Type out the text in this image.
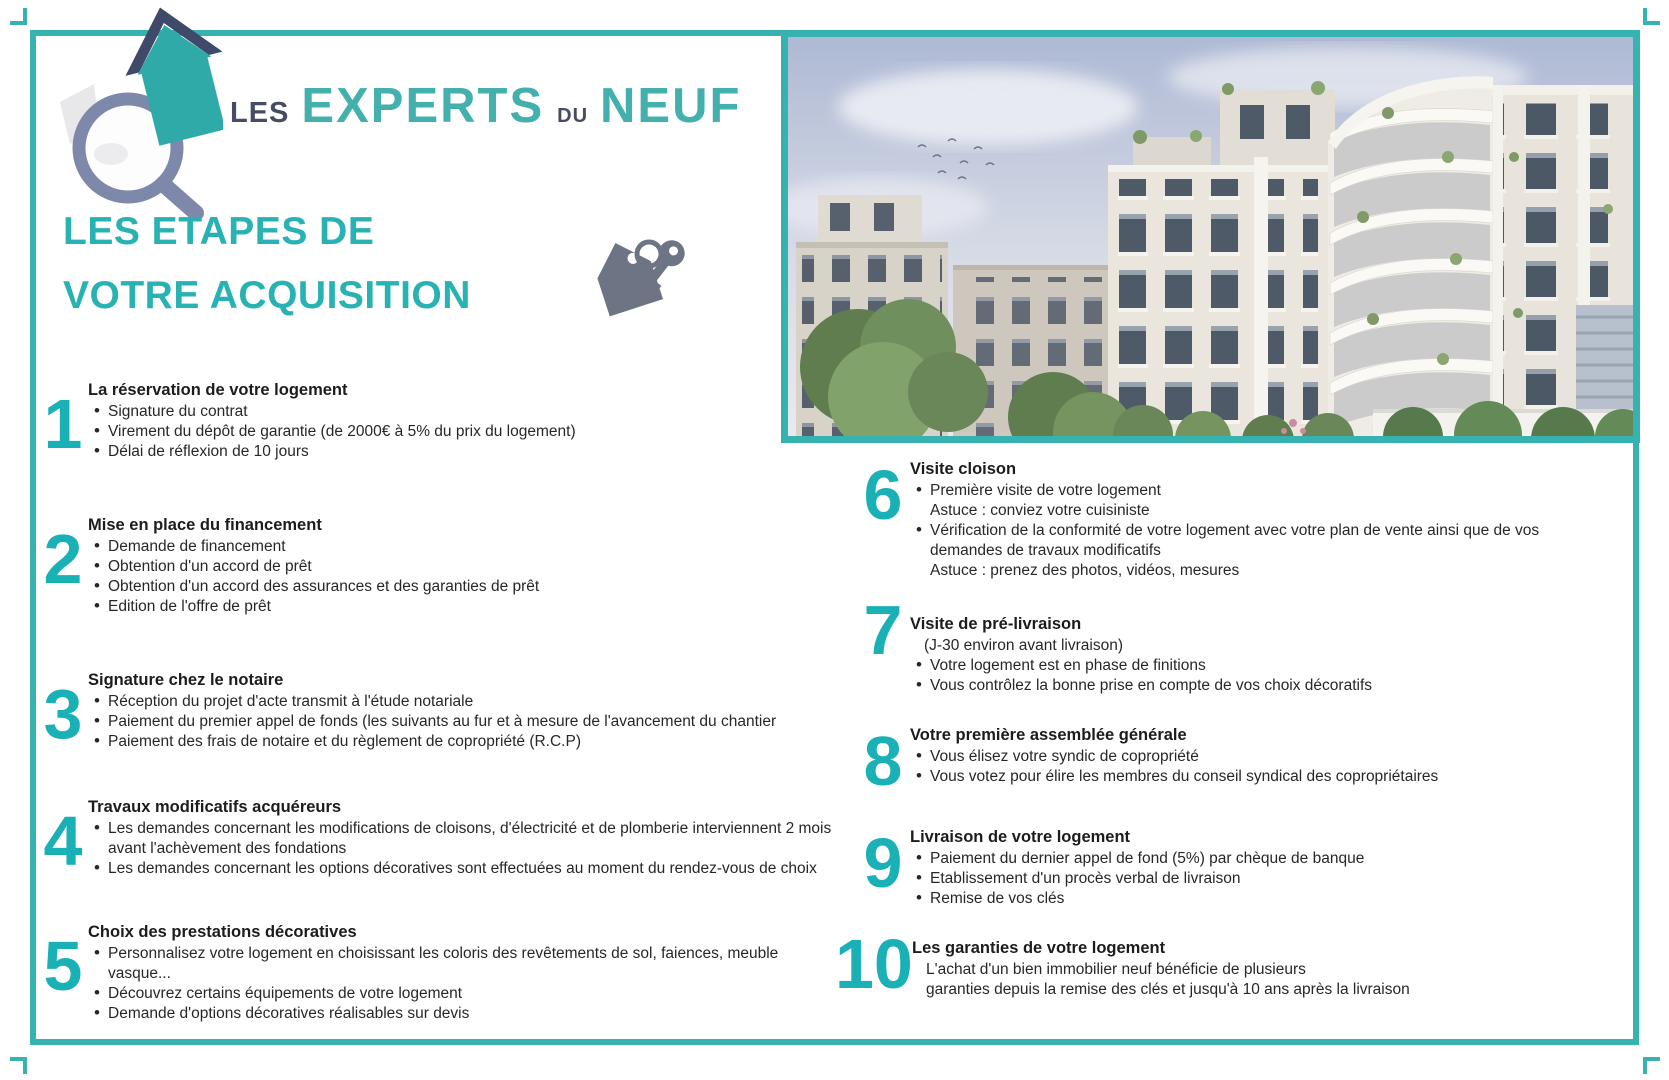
LES EXPERTS DU NEUF
LES ETAPES DE
VOTRE ACQUISITION
1 La réservation de votre logement
• Signature du contrat
• Virement du dépôt de garantie (de 2000€ à 5% du prix du logement)
• Délai de réflexion de 10 jours
2 Mise en place du financement
• Demande de financement
• Obtention d'un accord de prêt
• Obtention d'un accord des assurances et des garanties de prêt
• Edition de l'offre de prêt
3 Signature chez le notaire
• Réception du projet d'acte transmit à l'étude notariale
• Paiement du premier appel de fonds (les suivants au fur et à mesure de l'avancement du chantier
• Paiement des frais de notaire et du règlement de copropriété (R.C.P)
4 Travaux modificatifs acquéreurs
• Les demandes concernant les modifications de cloisons, d'électricité et de plomberie interviennent 2 mois avant l'achèvement des fondations
• Les demandes concernant les options décoratives sont effectuées au moment du rendez-vous de choix
5 Choix des prestations décoratives
• Personnalisez votre logement en choisissant les coloris des revêtements de sol, faiences, meuble vasque...
• Découvrez certains équipements de votre logement
• Demande d'options décoratives réalisables sur devis
6 Visite cloison
• Première visite de votre logement
Astuce : conviez votre cuisiniste
• Vérification de la conformité de votre logement avec votre plan de vente ainsi que de vos demandes de travaux modificatifs
Astuce : prenez des photos, vidéos, mesures
7 Visite de pré-livraison
(J-30 environ avant livraison)
• Votre logement est en phase de finitions
• Vous contrôlez la bonne prise en compte de vos choix décoratifs
8 Votre première assemblée générale
• Vous élisez votre syndic de copropriété
• Vous votez pour élire les membres du conseil syndical des copropriétaires
9 Livraison de votre logement
• Paiement du dernier appel de fond (5%) par chèque de banque
• Etablissement d'un procès verbal de livraison
• Remise de vos clés
10 Les garanties de votre logement
L'achat d'un bien immobilier neuf bénéficie de plusieurs
garanties depuis la remise des clés et jusqu'à 10 ans après la livraison
